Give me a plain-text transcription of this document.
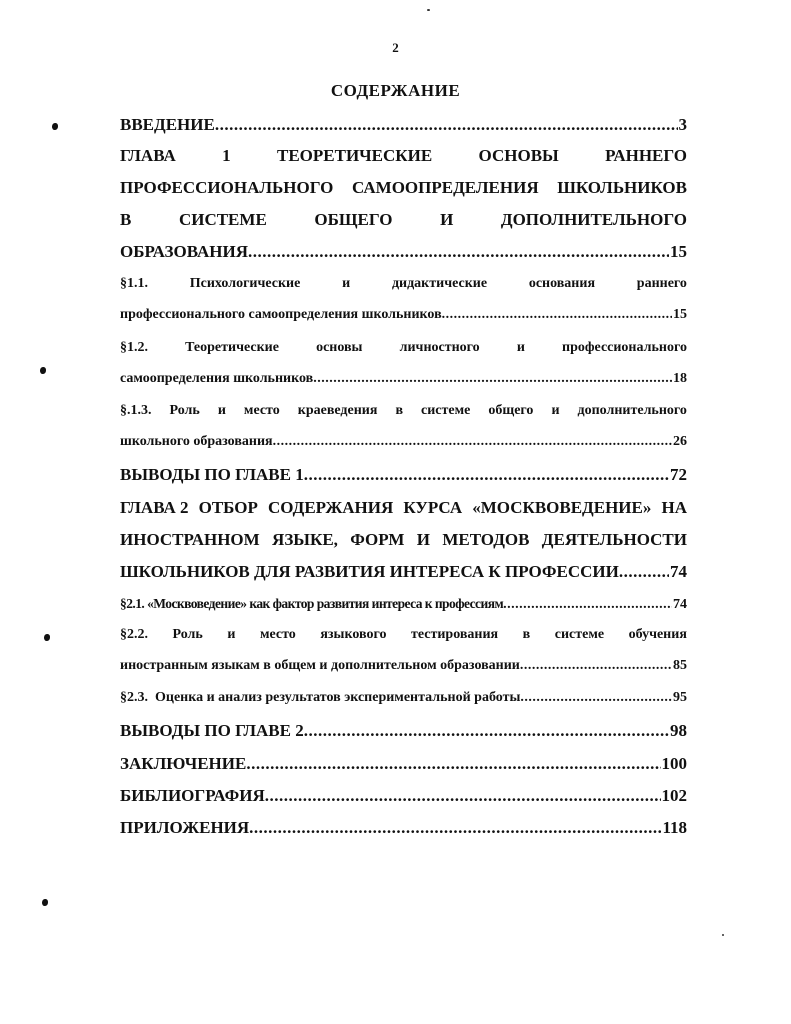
2
СОДЕРЖАНИЕ
ВВЕДЕНИЕ .....	3
ГЛАВА	1	ТЕОРЕТИЧЕСКИЕ	ОСНОВЫ	РАННЕГО
ПРОФЕССИОНАЛЬНОГО САМООПРЕДЕЛЕНИЯ ШКОЛЬНИКОВ
В	СИСТЕМЕ	ОБЩЕГО	И	ДОПОЛНИТЕЛЬНОГО
ОБРАЗОВАНИЯ .....	15
§1.1.	Психологические	и	дидактические	основания	раннего
профессионального самоопределения школьников .....	15
§1.2.	Теоретические	основы	личностного	и	профессионального
самоопределения школьников .....	18
§.1.3. Роль и место краеведения в системе общего и дополнительного
школьного образования .....	26
ВЫВОДЫ ПО ГЛАВЕ 1 .....	72
ГЛАВА 2 ОТБОР СОДЕРЖАНИЯ КУРСА «МОСКВОВЕДЕНИЕ» НА
ИНОСТРАННОМ ЯЗЫКЕ, ФОРМ И МЕТОДОВ ДЕЯТЕЛЬНОСТИ
ШКОЛЬНИКОВ ДЛЯ РАЗВИТИЯ ИНТЕРЕСА К ПРОФЕССИИ .....	74
§2.1. «Москвоведение» как фактор развития интереса к профессиям .....	74
§2.2. Роль и место языкового тестирования в системе обучения
иностранным языкам в общем и дополнительном образовании .....	85
§2.3.  Оценка и анализ результатов экспериментальной работы .....	95
ВЫВОДЫ ПО ГЛАВЕ 2 .....	98
ЗАКЛЮЧЕНИЕ .....	100
БИБЛИОГРАФИЯ .....	102
ПРИЛОЖЕНИЯ .....	118
